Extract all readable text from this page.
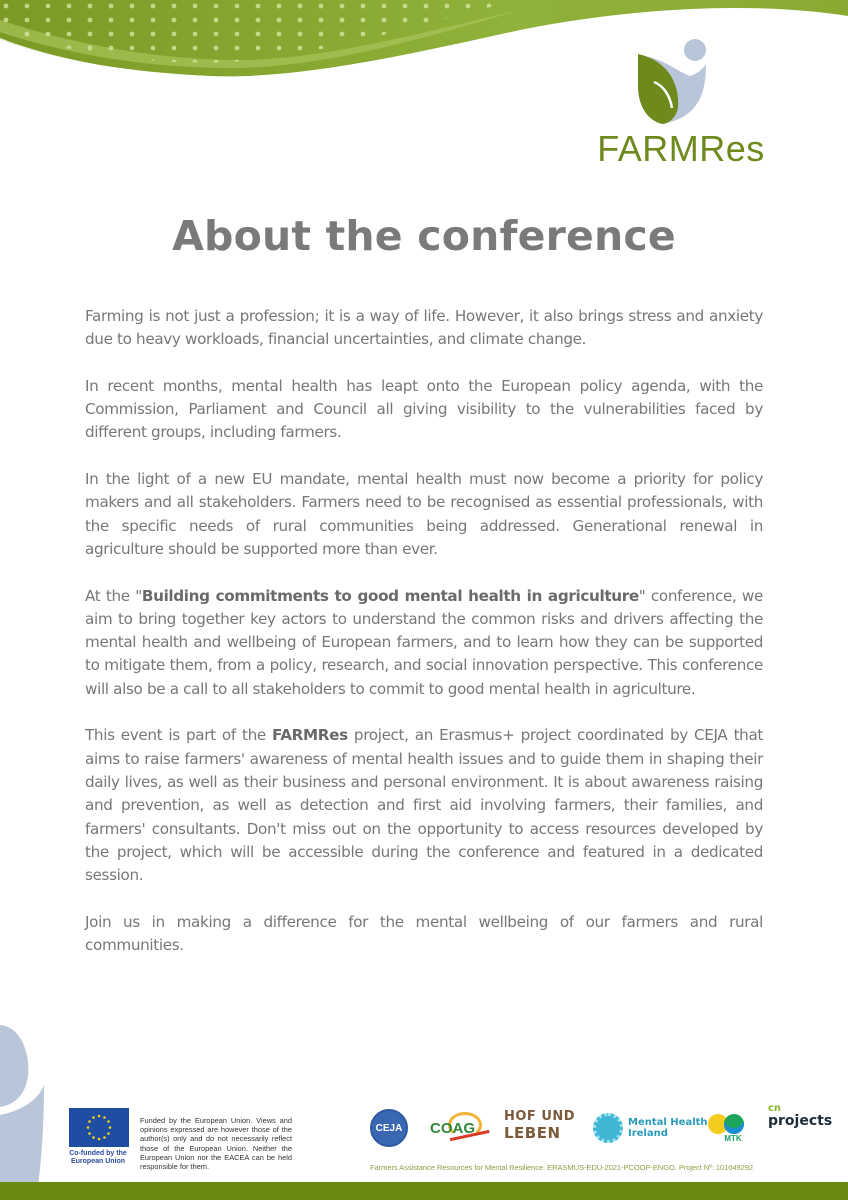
FARMRes
About the conference

Farming is not just a profession; it is a way of life. However, it also brings stress and anxiety due to heavy workloads, financial uncertainties, and climate change.

In recent months, mental health has leapt onto the European policy agenda, with the Commission, Parliament and Council all giving visibility to the vulnerabilities faced by different groups, including farmers.

In the light of a new EU mandate, mental health must now become a priority for policy makers and all stakeholders. Farmers need to be recognised as essential professionals, with the specific needs of rural communities being addressed. Generational renewal in agriculture should be supported more than ever.

At the "Building commitments to good mental health in agriculture" conference, we aim to bring together key actors to understand the common risks and drivers affecting the mental health and wellbeing of European farmers, and to learn how they can be supported to mitigate them, from a policy, research, and social innovation perspective. This conference will also be a call to all stakeholders to commit to good mental health in agriculture.

This event is part of the FARMRes project, an Erasmus+ project coordinated by CEJA that aims to raise farmers' awareness of mental health issues and to guide them in shaping their daily lives, as well as their business and personal environment. It is about awareness raising and prevention, as well as detection and first aid involving farmers, their families, and farmers' consultants. Don't miss out on the opportunity to access resources developed by the project, which will be accessible during the conference and featured in a dedicated session.

Join us in making a difference for the mental wellbeing of our farmers and rural communities.

Co-funded by the European Union
Funded by the European Union. Views and opinions expressed are however those of the author(s) only and do not necessarily reflect those of the European Union. Neither the European Union nor the EACEA can be held responsible for them.
CEJA	COAG
HOF UND
LEBEN
Mental Health
Ireland	MTK
cn
projects
Farmers Assistance Resources for Mental Resilience. ERASMUS-EDU-2021-PCOOP-ENGO. Project Nº: 101049292
